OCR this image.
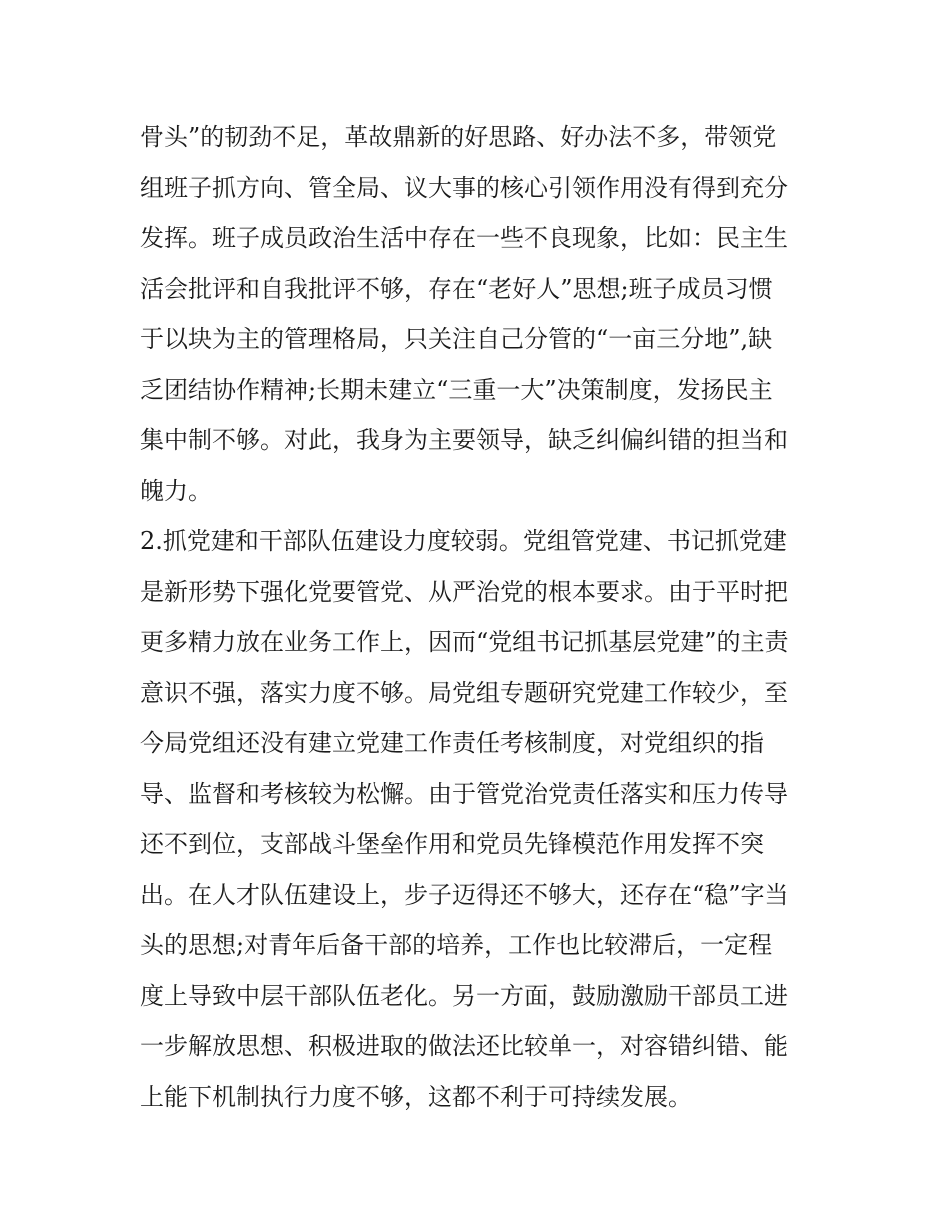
骨头”的韧劲不足，革故鼎新的好思路、好办法不多，带领党
组班子抓方向、管全局、议大事的核心引领作用没有得到充分
发挥。班子成员政治生活中存在一些不良现象，比如：民主生
活会批评和自我批评不够，存在“老好人”思想;班子成员习惯
于以块为主的管理格局，只关注自己分管的“一亩三分地”,缺
乏团结协作精神;长期未建立“三重一大”决策制度，发扬民主
集中制不够。对此，我身为主要领导，缺乏纠偏纠错的担当和
魄力。
2.抓党建和干部队伍建设力度较弱。党组管党建、书记抓党建
是新形势下强化党要管党、从严治党的根本要求。由于平时把
更多精力放在业务工作上，因而“党组书记抓基层党建”的主责
意识不强，落实力度不够。局党组专题研究党建工作较少，至
今局党组还没有建立党建工作责任考核制度，对党组织的指
导、监督和考核较为松懈。由于管党治党责任落实和压力传导
还不到位，支部战斗堡垒作用和党员先锋模范作用发挥不突
出。在人才队伍建设上，步子迈得还不够大，还存在“稳”字当
头的思想;对青年后备干部的培养，工作也比较滞后，一定程
度上导致中层干部队伍老化。另一方面，鼓励激励干部员工进
一步解放思想、积极进取的做法还比较单一，对容错纠错、能
上能下机制执行力度不够，这都不利于可持续发展。
